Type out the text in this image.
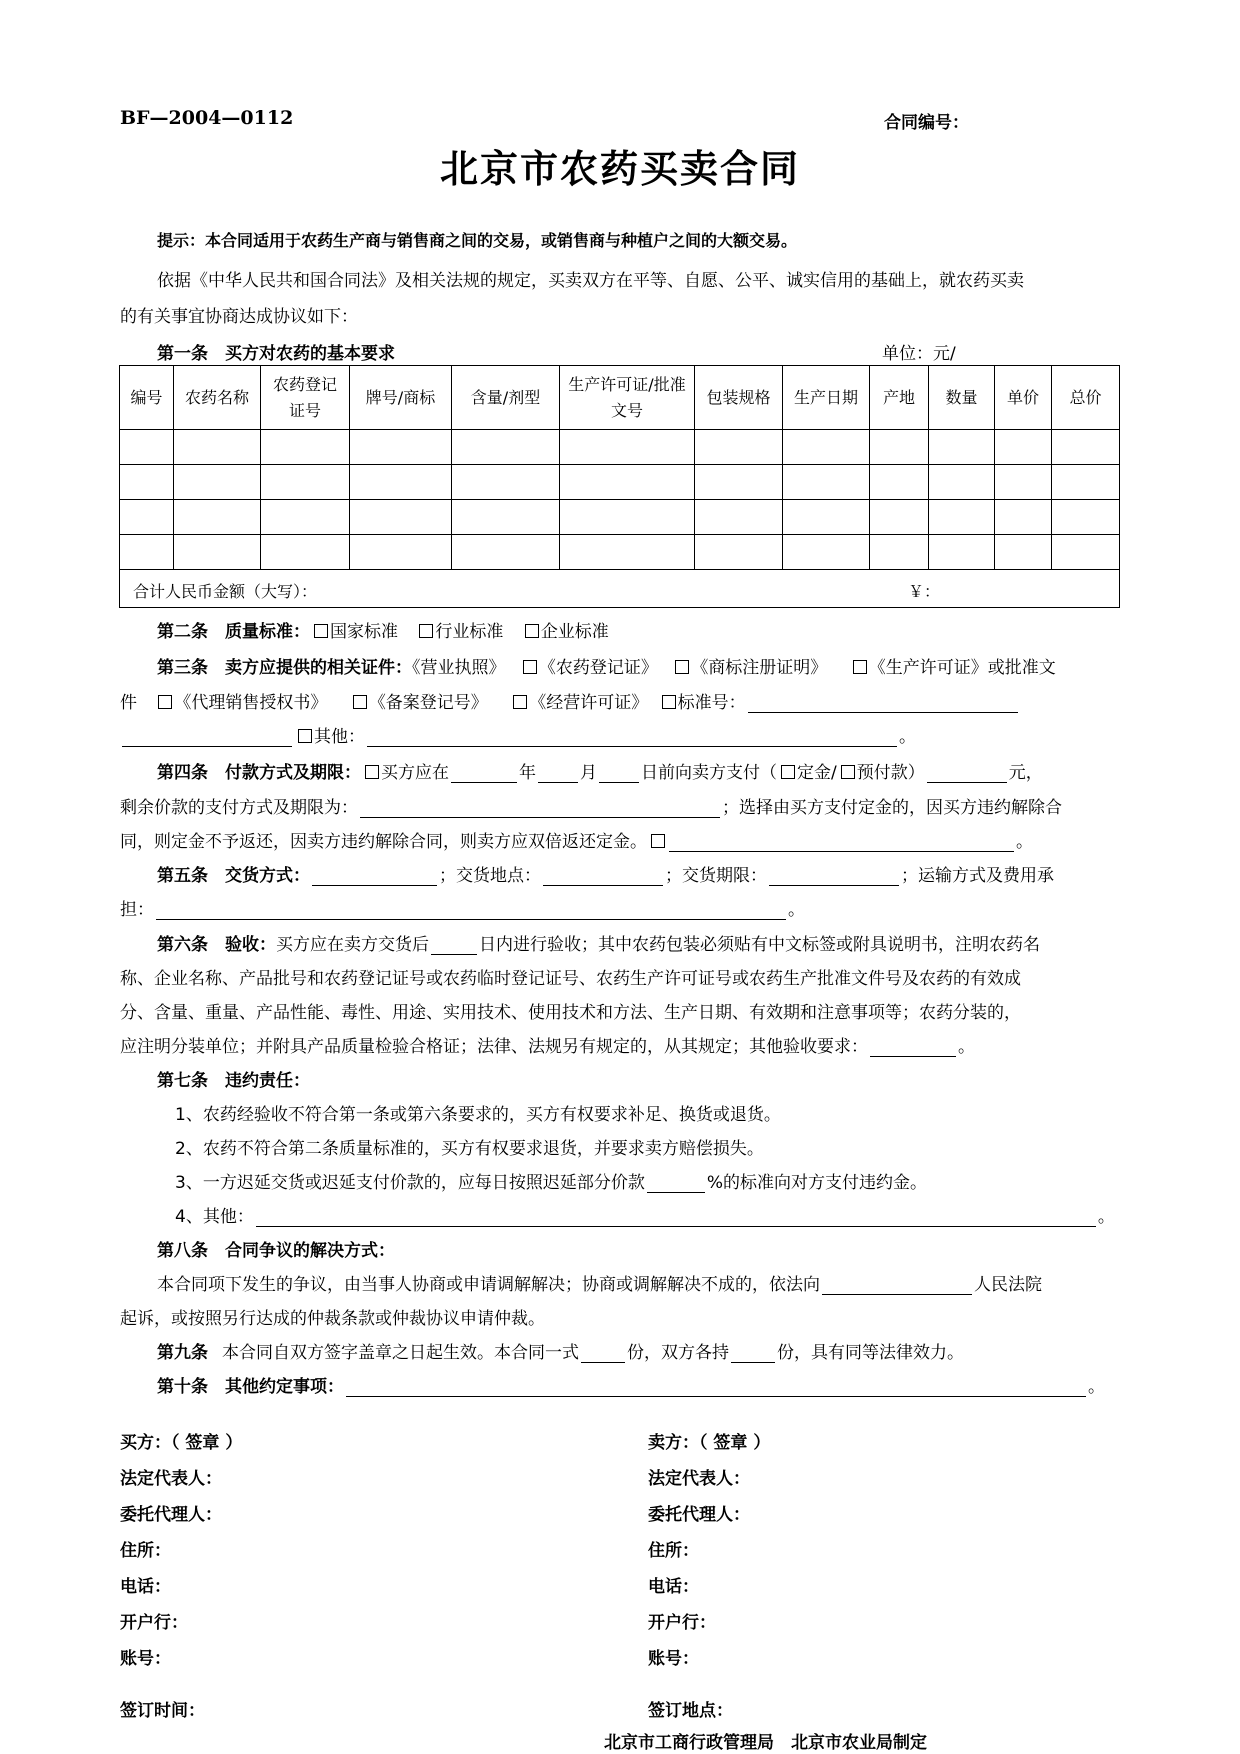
BF—2004—0112	合同编号：
北京市农药买卖合同
提示：本合同适用于农药生产商与销售商之间的交易，或销售商与种植户之间的大额交易。
依据《中华人民共和国合同法》及相关法规的规定，买卖双方在平等、自愿、公平、诚实信用的基础上，就农药买卖
的有关事宜协商达成协议如下：
第一条　买方对农药的基本要求	单位：元/
编号	农药名称	农药登记证号	牌号/商标	含量/剂型	生产许可证/批准文号	包装规格	生产日期	产地	数量	单价	总价

合计人民币金额（大写）： ￥：											
第二条　质量标准： 国家标准 行业标准 企业标准
第三条　卖方应提供的相关证件：《营业执照》 《农药登记证》 《商标注册证明》 《生产许可证》或批准文
件 《代理销售授权书》 《备案登记号》 《经营许可证》 标准号：
其他：	。
第四条　付款方式及期限： 买方应在	年	月	日前向卖方支付（ 定金/ 预付款）	元，
剩余价款的支付方式及期限为：	；选择由买方支付定金的，因买方违约解除合
同，则定金不予返还，因卖方违约解除合同，则卖方应双倍返还定金。	。
第五条　交货方式：	；交货地点：	；交货期限：	；运输方式及费用承
担：	。
第六条　验收：买方应在卖方交货后	日内进行验收；其中农药包装必须贴有中文标签或附具说明书，注明农药名
称、企业名称、产品批号和农药登记证号或农药临时登记证号、农药生产许可证号或农药生产批准文件号及农药的有效成
分、含量、重量、产品性能、毒性、用途、实用技术、使用技术和方法、生产日期、有效期和注意事项等；农药分装的，
应注明分装单位；并附具产品质量检验合格证；法律、法规另有规定的，从其规定；其他验收要求：	。
第七条　违约责任：
1、农药经验收不符合第一条或第六条要求的，买方有权要求补足、换货或退货。
2、农药不符合第二条质量标准的，买方有权要求退货，并要求卖方赔偿损失。
3、一方迟延交货或迟延支付价款的，应每日按照迟延部分价款	%的标准向对方支付违约金。
4、其他：	。
第八条　合同争议的解决方式：
本合同项下发生的争议，由当事人协商或申请调解解决；协商或调解解决不成的，依法向	人民法院
起诉，或按照另行达成的仲裁条款或仲裁协议申请仲裁。
第九条 本合同自双方签字盖章之日起生效。本合同一式	份，双方各持	份，具有同等法律效力。
第十条　其他约定事项：	。
买方：（ 签章 ）
法定代表人：
委托代理人：
住所：
电话：
开户行：
账号：
卖方：（ 签章 ）
法定代表人：
委托代理人：
住所：
电话：
开户行：
账号：
签订时间：	签订地点：
北京市工商行政管理局　北京市农业局制定
